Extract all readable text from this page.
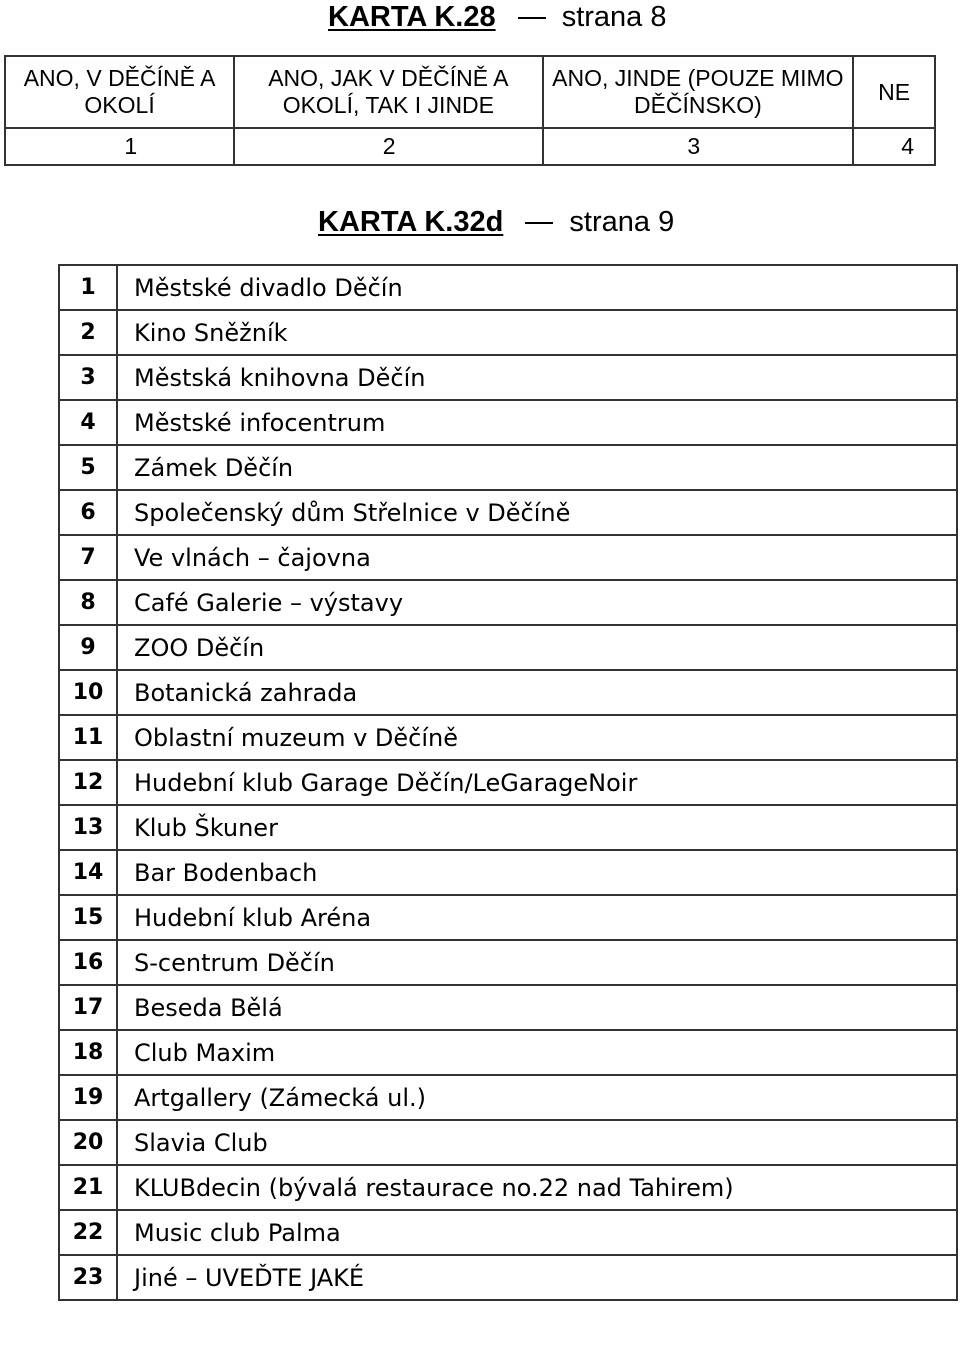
KARTA K.28 strana 8
ANO, V DĚČÍNĚ A OKOLÍ	ANO, JAK V DĚČÍNĚ A OKOLÍ, TAK I JINDE	ANO, JINDE (POUZE MIMO DĚČÍNSKO)	NE
1	2	3	4
KARTA K.32d strana 9
1	Městské divadlo Děčín
2	Kino Sněžník
3	Městská knihovna Děčín
4	Městské infocentrum
5	Zámek Děčín
6	Společenský dům Střelnice v Děčíně
7	Ve vlnách – čajovna
8	Café Galerie – výstavy
9	ZOO Děčín
10	Botanická zahrada
11	Oblastní muzeum v Děčíně
12	Hudební klub Garage Děčín/LeGarageNoir
13	Klub Škuner
14	Bar Bodenbach
15	Hudební klub Aréna
16	S-centrum Děčín
17	Beseda Bělá
18	Club Maxim
19	Artgallery (Zámecká ul.)
20	Slavia Club
21	KLUBdecin (bývalá restaurace no.22 nad Tahirem)
22	Music club Palma
23	Jiné – UVEĎTE JAKÉ
